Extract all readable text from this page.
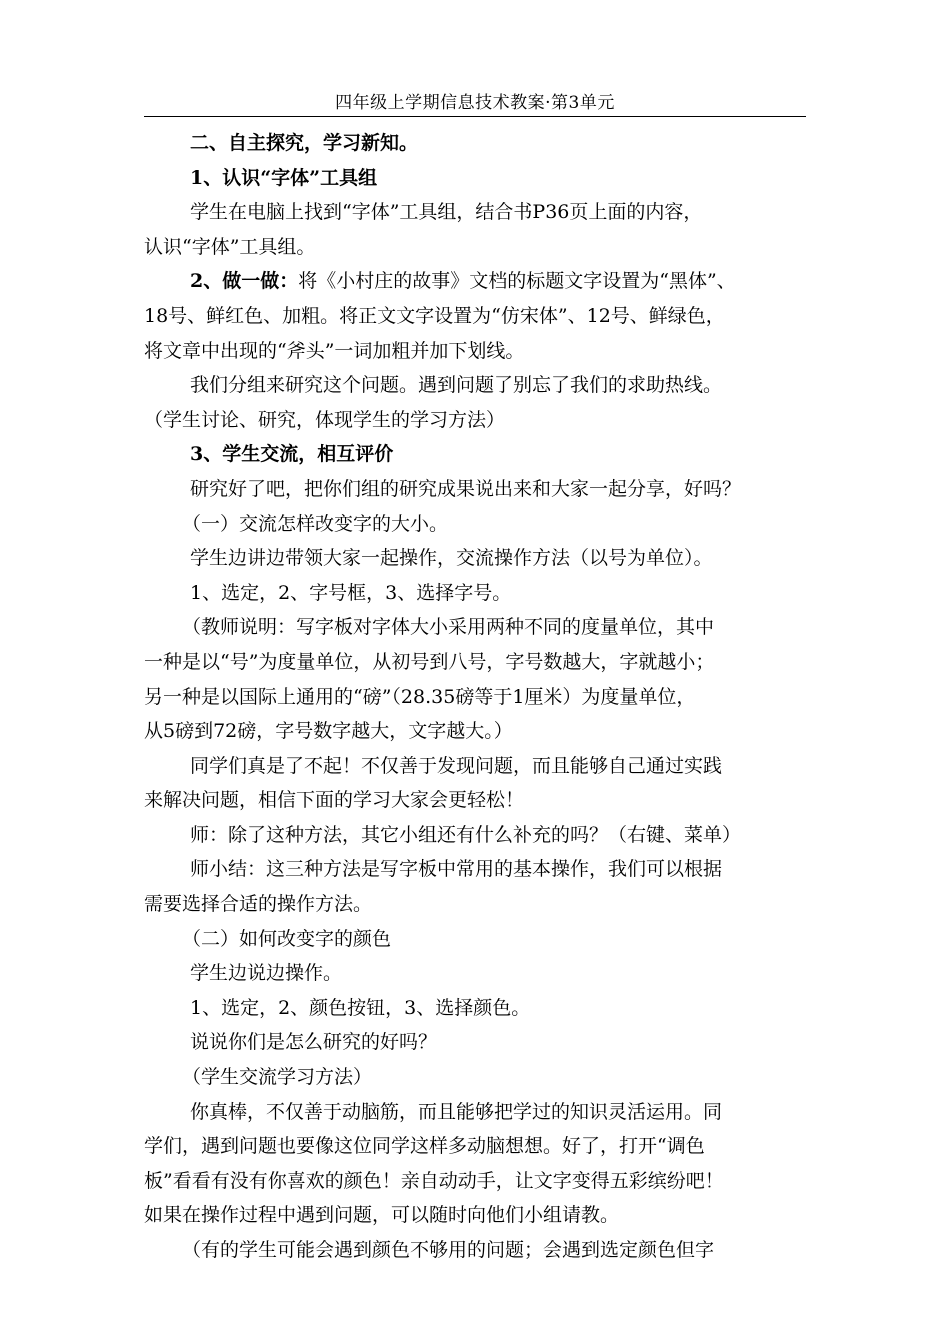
四年级上学期信息技术教案·第3单元
二、自主探究，学习新知。
1、认识“字体”工具组
学生在电脑上找到“字体”工具组，结合书P36页上面的内容，
认识“字体”工具组。
2、做一做：将《小村庄的故事》文档的标题文字设置为“黑体”、
18号、鲜红色、加粗。将正文文字设置为“仿宋体”、12号、鲜绿色，
将文章中出现的“斧头”一词加粗并加下划线。
我们分组来研究这个问题。遇到问题了别忘了我们的求助热线。
（学生讨论、研究，体现学生的学习方法）
3、学生交流，相互评价
研究好了吧，把你们组的研究成果说出来和大家一起分享，好吗？
（一）交流怎样改变字的大小。
学生边讲边带领大家一起操作，交流操作方法（以号为单位）。
1、选定，2、字号框，3、选择字号。
（教师说明：写字板对字体大小采用两种不同的度量单位，其中
一种是以“号”为度量单位，从初号到八号，字号数越大，字就越小；
另一种是以国际上通用的“磅”（28.35磅等于1厘米）为度量单位，
从5磅到72磅，字号数字越大，文字越大。）
同学们真是了不起！不仅善于发现问题，而且能够自己通过实践
来解决问题，相信下面的学习大家会更轻松！
师：除了这种方法，其它小组还有什么补充的吗？（右键、菜单）
师小结：这三种方法是写字板中常用的基本操作，我们可以根据
需要选择合适的操作方法。
（二）如何改变字的颜色
学生边说边操作。
1、选定，2、颜色按钮，3、选择颜色。
说说你们是怎么研究的好吗？
（学生交流学习方法）
你真棒，不仅善于动脑筋，而且能够把学过的知识灵活运用。同
学们，遇到问题也要像这位同学这样多动脑想想。好了，打开“调色
板”看看有没有你喜欢的颜色！亲自动动手，让文字变得五彩缤纷吧！
如果在操作过程中遇到问题，可以随时向他们小组请教。
（有的学生可能会遇到颜色不够用的问题；会遇到选定颜色但字
